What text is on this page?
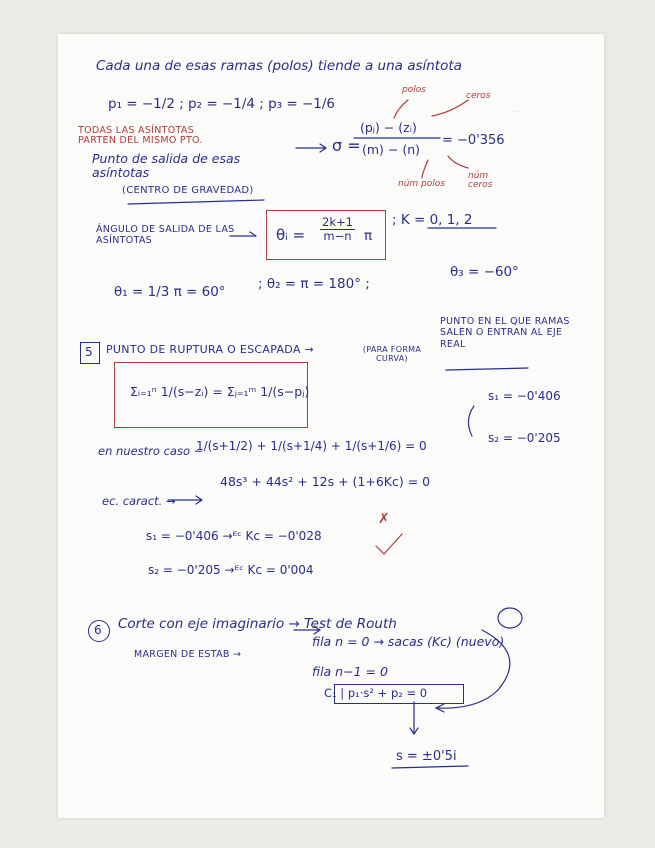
—
Cada una de esas ramas (polos) tiende a una asíntota
p₁ = −1/2 ; p₂ = −1/4 ; p₃ = −1/6
TODAS LAS ASÍNTOTAS PARTEN DEL MISMO PTO.
Punto de salida de esas asíntotas
(CENTRO DE GRAVEDAD)
σ =
(pⱼ) − (zᵢ)
(m) − (n)
= −0'356
polos
ceros
núm polos
núm ceros
ÁNGULO DE SALIDA DE LAS ASÍNTOTAS	θᵢ =
2k+1
m−n π
; K = 0, 1, 2
θ₁ = 1/3 π = 60° ; θ₂ = π = 180° ;
θ₃ = −60°
5 PUNTO DE RUPTURA O ESCAPADA →
PUNTO EN EL QUE RAMAS SALEN O ENTRAN AL EJE REAL
(PARA FORMA CURVA)
Σᵢ₌₁ⁿ 1/(s−zᵢ) = Σⱼ₌₁ᵐ 1/(s−pⱼ)
en nuestro caso ~
1/(s+1/2) + 1/(s+1/4) + 1/(s+1/6) = 0
s₁ = −0'406
s₂ = −0'205
ec. caract. →
48s³ + 44s² + 12s + (1+6Kc) = 0
s₁ = −0'406 →ᴱᶜ Kc = −0'028
✗
s₂ = −0'205 →ᴱᶜ Kc = 0'004
6 Corte con eje imaginario → Test de Routh
MARGEN DE ESTAB →
fila n = 0 → sacas (Kc) (nuevo)
fila n−1 = 0
C₁ | p₁·s² + p₂ = 0
s = ±0'5i
